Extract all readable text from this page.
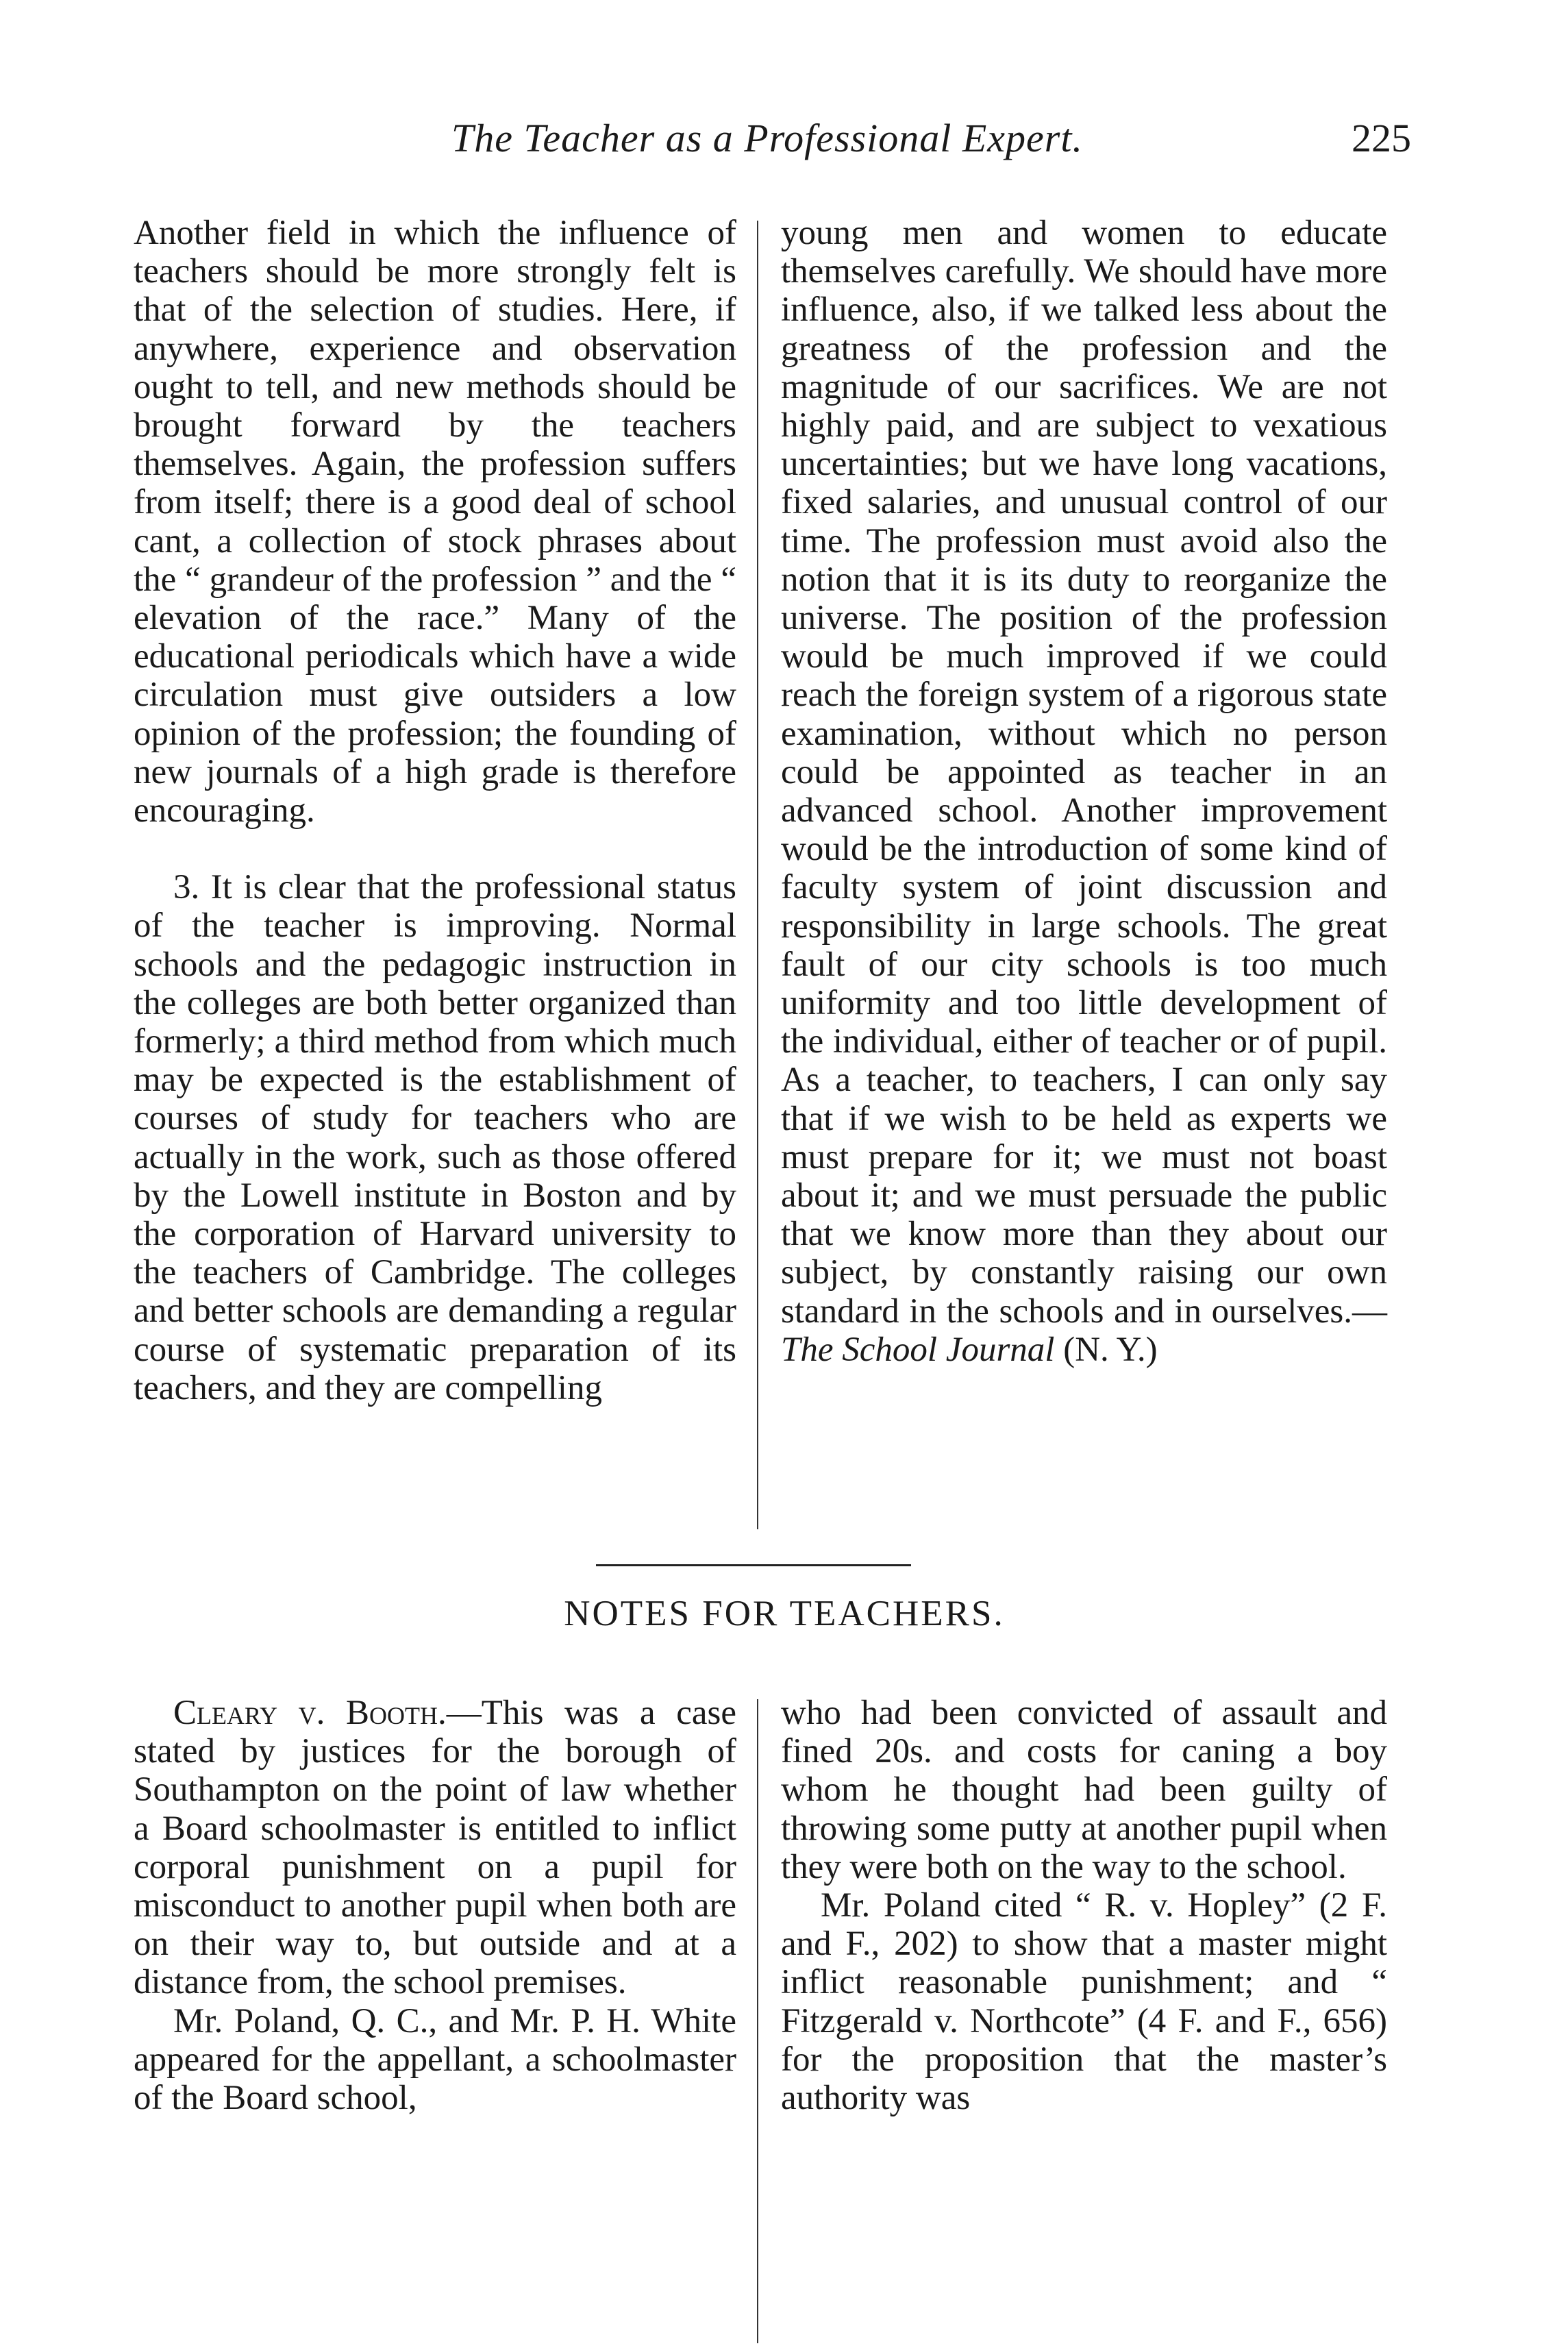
The Teacher as a Professional Expert.	225

Another field in which the influence of teachers should be more strongly felt is that of the selection of studies. Here, if anywhere, experience and observation ought to tell, and new methods should be brought forward by the teachers themselves. Again, the profession suffers from itself; there is a good deal of school cant, a collection of stock phrases about the “ grandeur of the profession ” and the “ elevation of the race.” Many of the educational periodicals which have a wide circulation must give outsiders a low opinion of the profession; the founding of new journals of a high grade is therefore encouraging.

3. It is clear that the professional status of the teacher is improving. Normal schools and the pedagogic instruction in the colleges are both better organized than formerly; a third method from which much may be expected is the establishment of courses of study for teachers who are actually in the work, such as those offered by the Lowell institute in Boston and by the corporation of Harvard university to the teachers of Cambridge. The colleges and better schools are demanding a regular course of systematic preparation of its teachers, and they are compelling

young men and women to educate themselves carefully. We should have more influence, also, if we talked less about the greatness of the profession and the magnitude of our sacrifices. We are not highly paid, and are subject to vexatious uncertainties; but we have long vacations, fixed salaries, and unusual control of our time. The profession must avoid also the notion that it is its duty to reorganize the universe. The position of the profession would be much improved if we could reach the foreign system of a rigorous state examination, without which no person could be appointed as teacher in an advanced school. Another improvement would be the introduction of some kind of faculty system of joint discussion and responsibility in large schools. The great fault of our city schools is too much uniformity and too little development of the individual, either of teacher or of pupil. As a teacher, to teachers, I can only say that if we wish to be held as experts we must prepare for it; we must not boast about it; and we must persuade the public that we know more than they about our subject, by constantly raising our own standard in the schools and in ourselves.—The School Journal (N. Y.)

NOTES FOR TEACHERS.

Cleary v. Booth.—This was a case stated by justices for the borough of Southampton on the point of law whether a Board schoolmaster is entitled to inflict corporal punishment on a pupil for misconduct to another pupil when both are on their way to, but outside and at a distance from, the school premises.

Mr. Poland, Q. C., and Mr. P. H. White appeared for the appellant, a schoolmaster of the Board school,

who had been convicted of assault and fined 20s. and costs for caning a boy whom he thought had been guilty of throwing some putty at another pupil when they were both on the way to the school.

Mr. Poland cited “ R. v. Hopley” (2 F. and F., 202) to show that a master might inflict reasonable punishment; and “ Fitzgerald v. Northcote” (4 F. and F., 656) for the proposition that the master’s authority was
